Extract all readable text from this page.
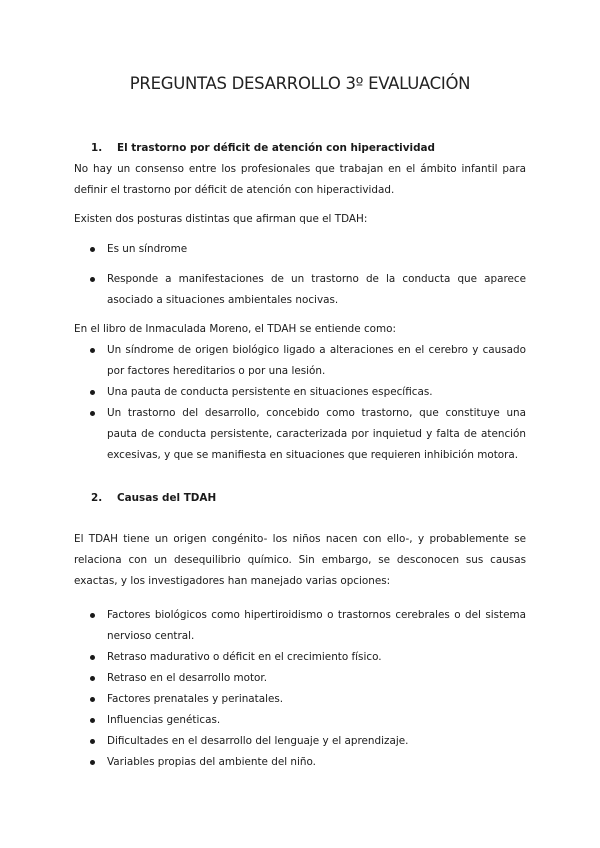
PREGUNTAS DESARROLLO 3º EVALUACIÓN
1.	El trastorno por déficit de atención con hiperactividad

No hay un consenso entre los profesionales que trabajan en el ámbito infantil para definir el trastorno por déficit de atención con hiperactividad.

Existen dos posturas distintas que afirman que el TDAH:

Es un síndrome
Responde a manifestaciones de un trastorno de la conducta que aparece asociado a situaciones ambientales nocivas.

En el libro de Inmaculada Moreno, el TDAH se entiende como:

Un síndrome de origen biológico ligado a alteraciones en el cerebro y causado por factores hereditarios o por una lesión.
Una pauta de conducta persistente en situaciones específicas.
Un trastorno del desarrollo, concebido como trastorno, que constituye una pauta de conducta persistente, caracterizada por inquietud y falta de atención excesivas, y que se manifiesta en situaciones que requieren inhibición motora.
2.	Causas del TDAH

El TDAH tiene un origen congénito- los niños nacen con ello-, y probablemente se relaciona con un desequilibrio químico. Sin embargo, se desconocen sus causas exactas, y los investigadores han manejado varias opciones:

Factores biológicos como hipertiroidismo o trastornos cerebrales o del sistema nervioso central.
Retraso madurativo o déficit en el crecimiento físico.
Retraso en el desarrollo motor.
Factores prenatales y perinatales.
Influencias genéticas.
Dificultades en el desarrollo del lenguaje y el aprendizaje.
Variables propias del ambiente del niño.
